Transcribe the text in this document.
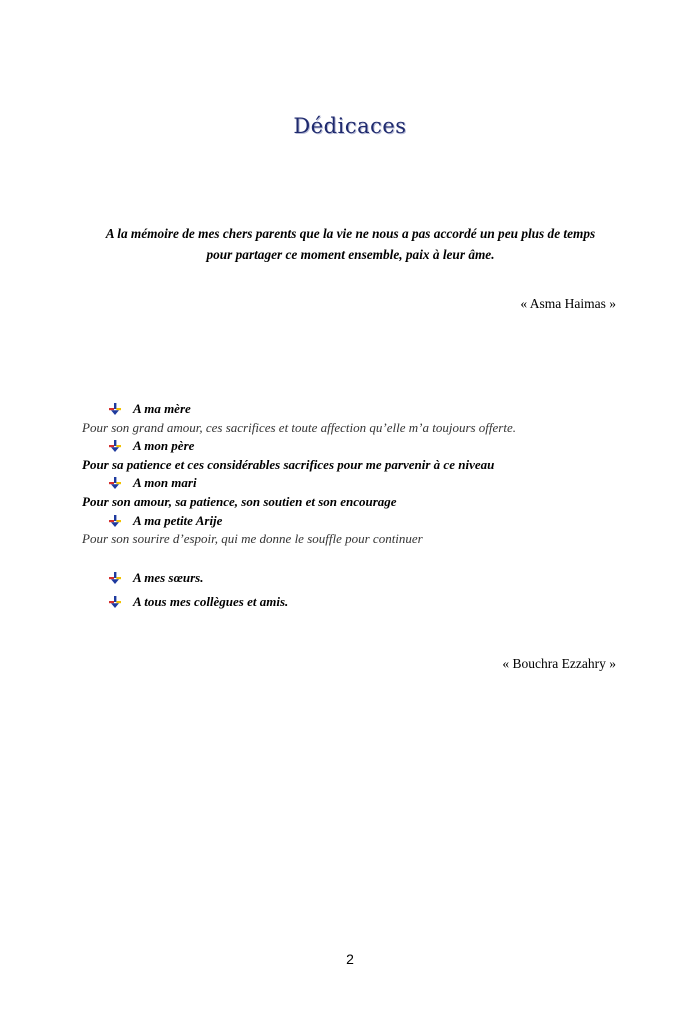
Dédicaces
A la mémoire de mes chers parents que la vie ne nous a pas accordé un peu plus de temps
pour partager ce moment ensemble, paix à leur âme.
« Asma Haimas »
A ma mère
Pour son grand amour, ces sacrifices et toute affection qu’elle m’a toujours offerte.
A mon père
Pour sa patience et ces considérables sacrifices pour me parvenir à ce niveau
A mon mari
Pour son amour, sa patience, son soutien et son encourage
A ma petite Arije
Pour son sourire d’espoir, qui me donne le souffle pour continuer
A mes sœurs.
A tous mes collègues et amis.
« Bouchra Ezzahry »
2
